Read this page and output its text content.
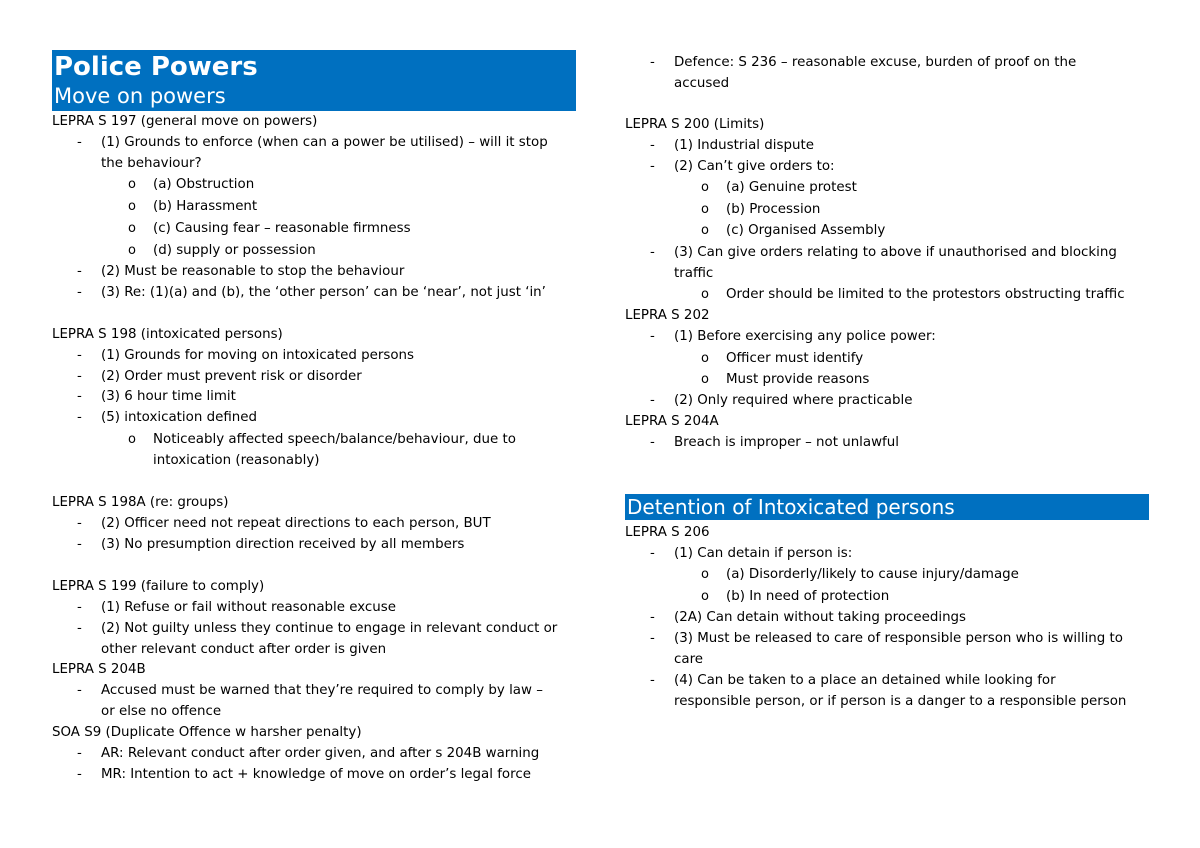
Police Powers
Move on powers
LEPRA S 197 (general move on powers)
- (1) Grounds to enforce (when can a power be utilised) – will it stop
the behaviour?
o (a) Obstruction
o (b) Harassment
o (c) Causing fear – reasonable firmness
o (d) supply or possession
- (2) Must be reasonable to stop the behaviour
- (3) Re: (1)(a) and (b), the ‘other person’ can be ‘near’, not just ‘in’
LEPRA S 198 (intoxicated persons)
- (1) Grounds for moving on intoxicated persons
- (2) Order must prevent risk or disorder
- (3) 6 hour time limit
- (5) intoxication defined
o Noticeably affected speech/balance/behaviour, due to
intoxication (reasonably)
LEPRA S 198A (re: groups)
- (2) Officer need not repeat directions to each person, BUT
- (3) No presumption direction received by all members
LEPRA S 199 (failure to comply)
- (1) Refuse or fail without reasonable excuse
- (2) Not guilty unless they continue to engage in relevant conduct or
other relevant conduct after order is given
LEPRA S 204B
- Accused must be warned that they’re required to comply by law –
or else no offence
SOA S9 (Duplicate Offence w harsher penalty)
- AR: Relevant conduct after order given, and after s 204B warning
- MR: Intention to act + knowledge of move on order’s legal force
- Defence: S 236 – reasonable excuse, burden of proof on the
accused
LEPRA S 200 (Limits)
- (1) Industrial dispute
- (2) Can’t give orders to:
o (a) Genuine protest
o (b) Procession
o (c) Organised Assembly
- (3) Can give orders relating to above if unauthorised and blocking
traffic
o Order should be limited to the protestors obstructing traffic
LEPRA S 202
- (1) Before exercising any police power:
o Officer must identify
o Must provide reasons
- (2) Only required where practicable
LEPRA S 204A
- Breach is improper – not unlawful
Detention of Intoxicated persons
LEPRA S 206
- (1) Can detain if person is:
o (a) Disorderly/likely to cause injury/damage
o (b) In need of protection
- (2A) Can detain without taking proceedings
- (3) Must be released to care of responsible person who is willing to
care
- (4) Can be taken to a place an detained while looking for
responsible person, or if person is a danger to a responsible person
